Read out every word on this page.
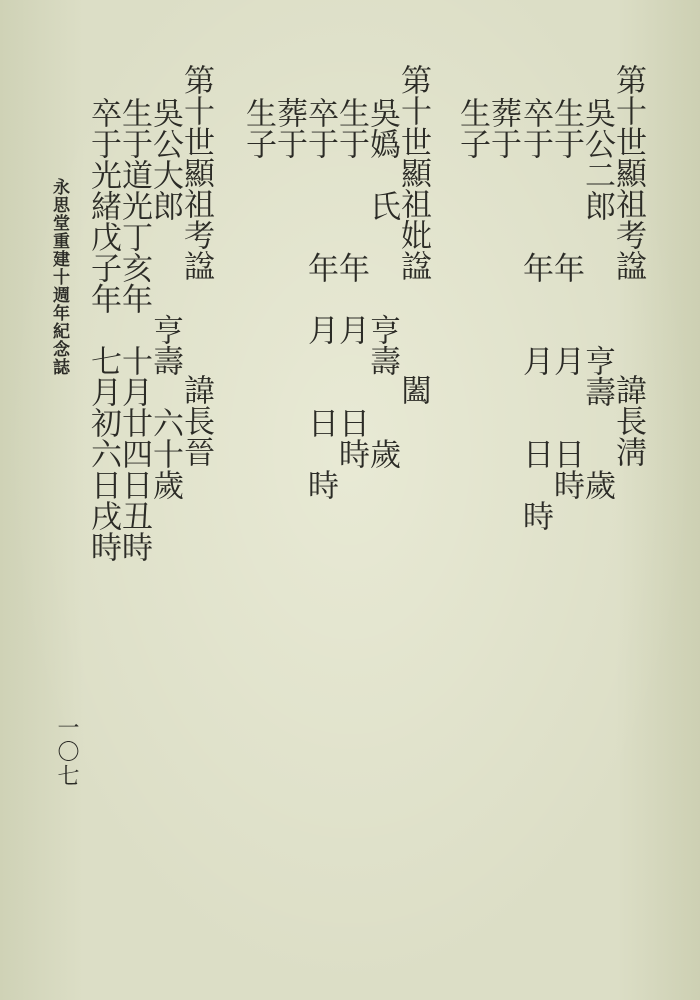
第十世顯祖考諡　　　諱長淸
吳公二郎　　　　亨壽　　歲
生于　　　年　　月　　日時
卒于　　　年　　月　　日　時
葬于
生子
第十世顯祖妣諡　　　闔
吳嬀　氏　　　亨壽　　歲
生于　　　年　月　　日時
卒于　　　年　月　　日　時
葬于
生子
第十世顯祖考諡　　　諱長晉
吳公大郎　　　亨壽　六十歲
生于道光丁亥年　十月廿四日丑時
卒于光緒戊子年　七月初六日戌時
永思堂重建十週年紀念誌
一〇七
